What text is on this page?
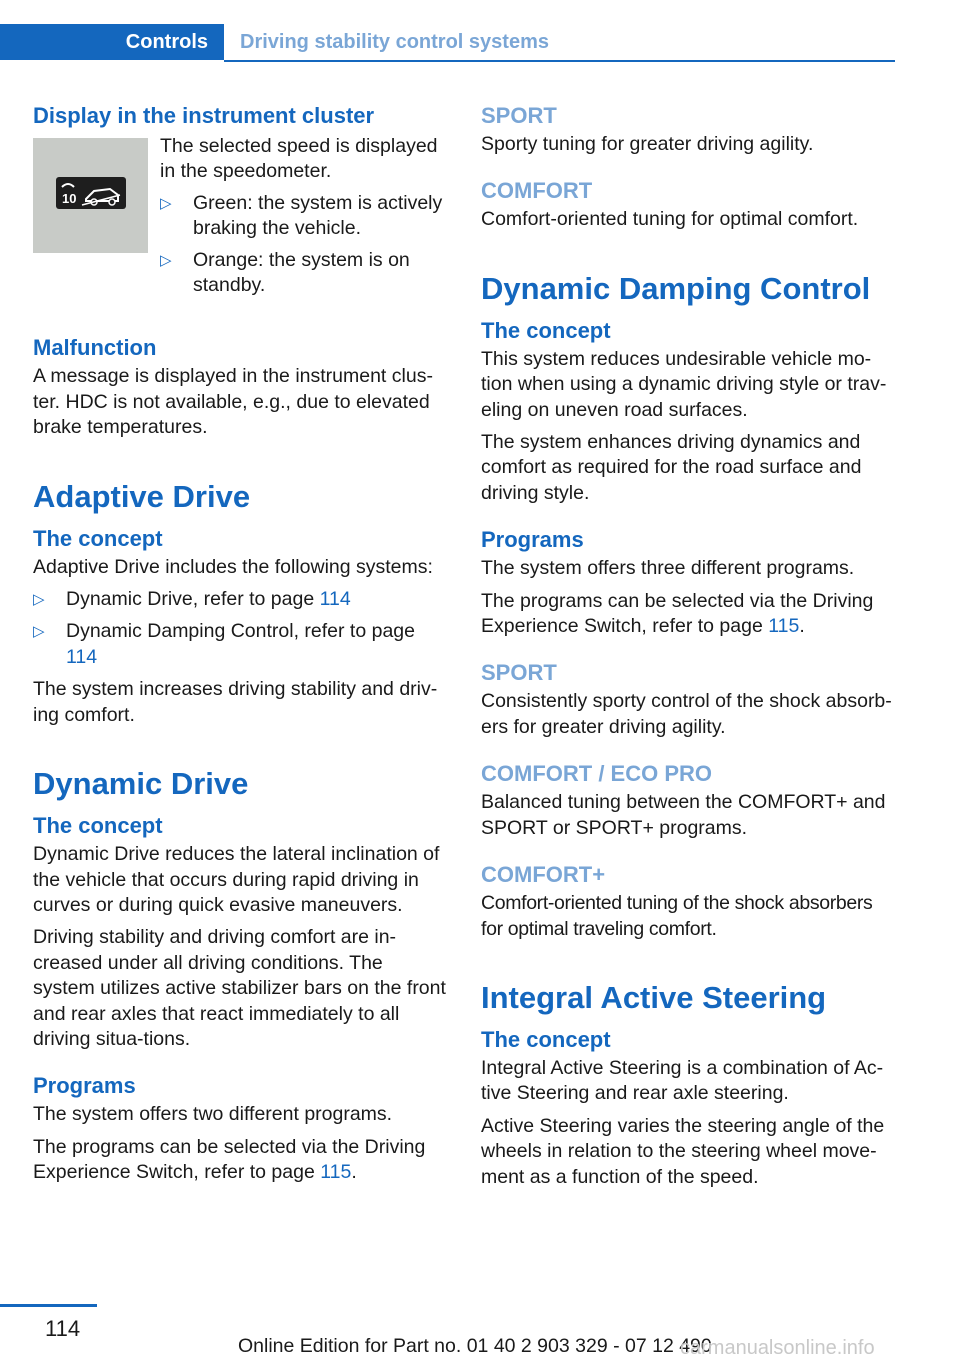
Controls	Driving stability control systems
Display in the instrument cluster
10

The selected speed is displayed in the speedometer.

▷ Green: the system is actively braking the vehicle.
▷ Orange: the system is on standby.
Malfunction

A message is displayed in the instrument clus-ter. HDC is not available, e.g., due to elevated brake temperatures.

Adaptive Drive
The concept

Adaptive Drive includes the following systems:

▷ Dynamic Drive, refer to page 114
▷ Dynamic Damping Control, refer to page 114

The system increases driving stability and driv-ing comfort.

Dynamic Drive
The concept

Dynamic Drive reduces the lateral inclination of the vehicle that occurs during rapid driving in curves or during quick evasive maneuvers.

Driving stability and driving comfort are in-creased under all driving conditions. The system utilizes active stabilizer bars on the front and rear axles that react immediately to all driving situa-tions.

Programs

The system offers two different programs.

The programs can be selected via the Driving Experience Switch, refer to page 115.

SPORT

Sporty tuning for greater driving agility.

COMFORT

Comfort-oriented tuning for optimal comfort.

Dynamic Damping Control
The concept

This system reduces undesirable vehicle mo-tion when using a dynamic driving style or trav-eling on uneven road surfaces.

The system enhances driving dynamics and comfort as required for the road surface and driving style.

Programs

The system offers three different programs.

The programs can be selected via the Driving Experience Switch, refer to page 115.

SPORT

Consistently sporty control of the shock absorb-ers for greater driving agility.

COMFORT / ECO PRO

Balanced tuning between the COMFORT+ and SPORT or SPORT+ programs.

COMFORT+

Comfort-oriented tuning of the shock absorbers for optimal traveling comfort.

Integral Active Steering
The concept

Integral Active Steering is a combination of Ac-tive Steering and rear axle steering.

Active Steering varies the steering angle of the wheels in relation to the steering wheel move-ment as a function of the speed.

114
Online Edition for Part no. 01 40 2 903 329 - 07 12 490
carmanualsonline.info
